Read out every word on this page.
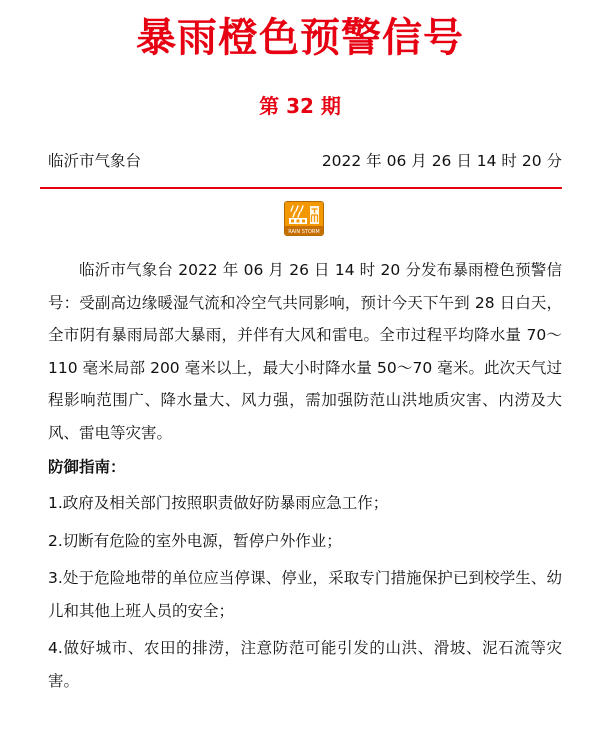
暴雨橙色预警信号
第 32 期
临沂市气象台	2022 年 06 月 26 日 14 时 20 分
RAIN STORM

临沂市气象台 2022 年 06 月 26 日 14 时 20 分发布暴雨橙色预警信号：受副高边缘暖湿气流和冷空气共同影响，预计今天下午到 28 日白天，全市阴有暴雨局部大暴雨，并伴有大风和雷电。全市过程平均降水量 70～110 毫米局部 200 毫米以上，最大小时降水量 50～70 毫米。此次天气过程影响范围广、降水量大、风力强，需加强防范山洪地质灾害、内涝及大风、雷电等灾害。

防御指南：

1.政府及相关部门按照职责做好防暴雨应急工作；

2.切断有危险的室外电源，暂停户外作业；

3.处于危险地带的单位应当停课、停业，采取专门措施保护已到校学生、幼儿和其他上班人员的安全；

4.做好城市、农田的排涝，注意防范可能引发的山洪、滑坡、泥石流等灾害。
